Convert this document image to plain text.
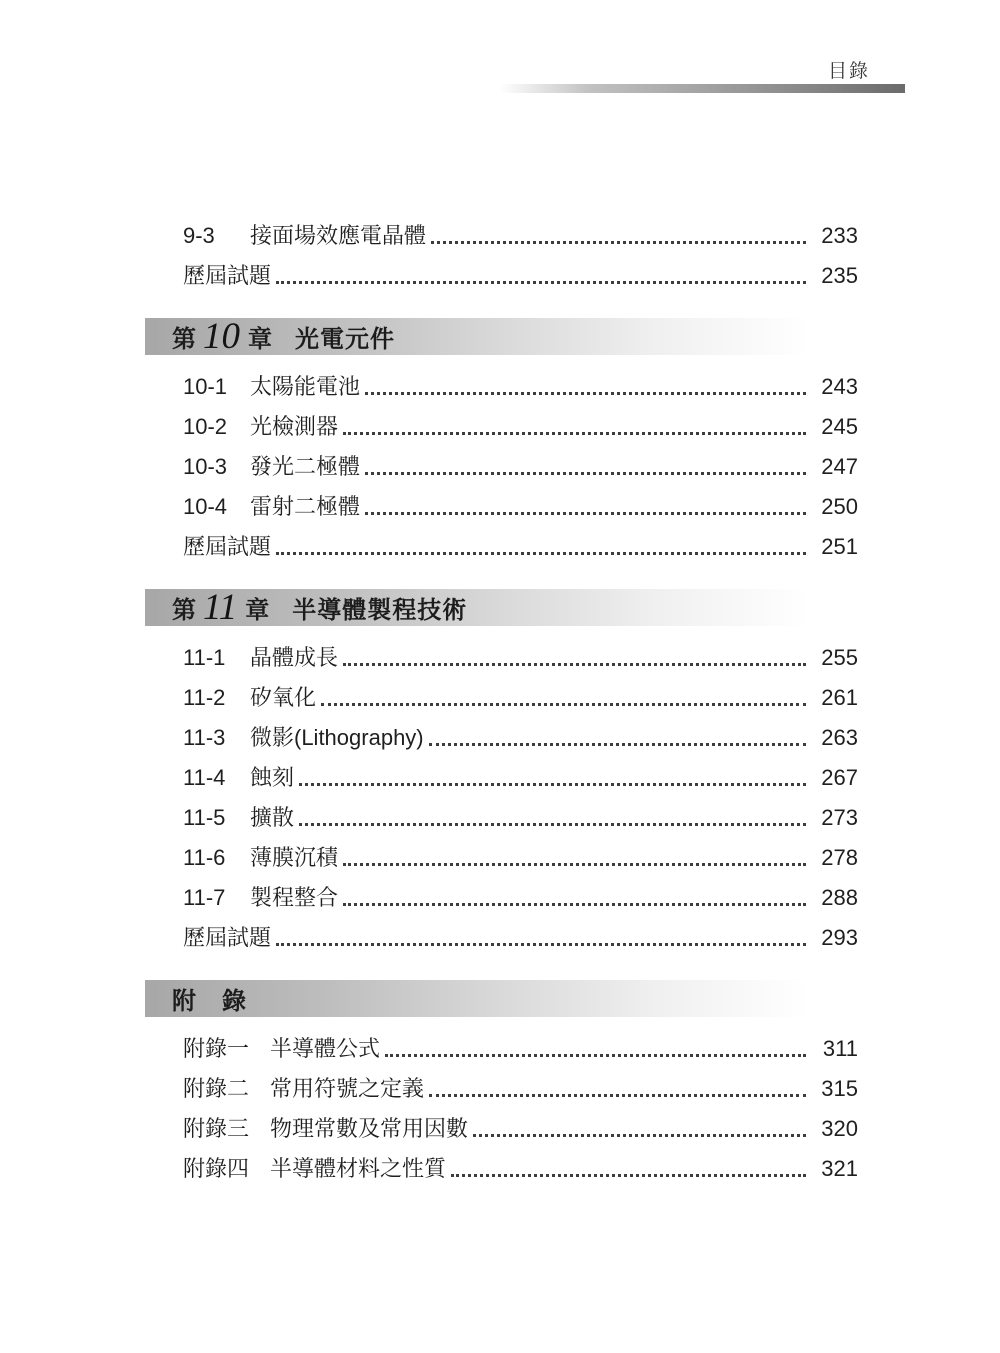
目錄
9-3	接面場效應電晶體	233
歷屆試題	235
第 10 章 光電元件
10-1	太陽能電池	243
10-2	光檢測器	245
10-3	發光二極體	247
10-4	雷射二極體	250
歷屆試題	251
第 11 章 半導體製程技術
11-1	晶體成長	255
11-2	矽氧化	261
11-3	微影(Lithography)	263
11-4	蝕刻	267
11-5	擴散	273
11-6	薄膜沉積	278
11-7	製程整合	288
歷屆試題	293
附　錄
附錄一 半導體公式	311
附錄二 常用符號之定義	315
附錄三 物理常數及常用因數	320
附錄四 半導體材料之性質	321
